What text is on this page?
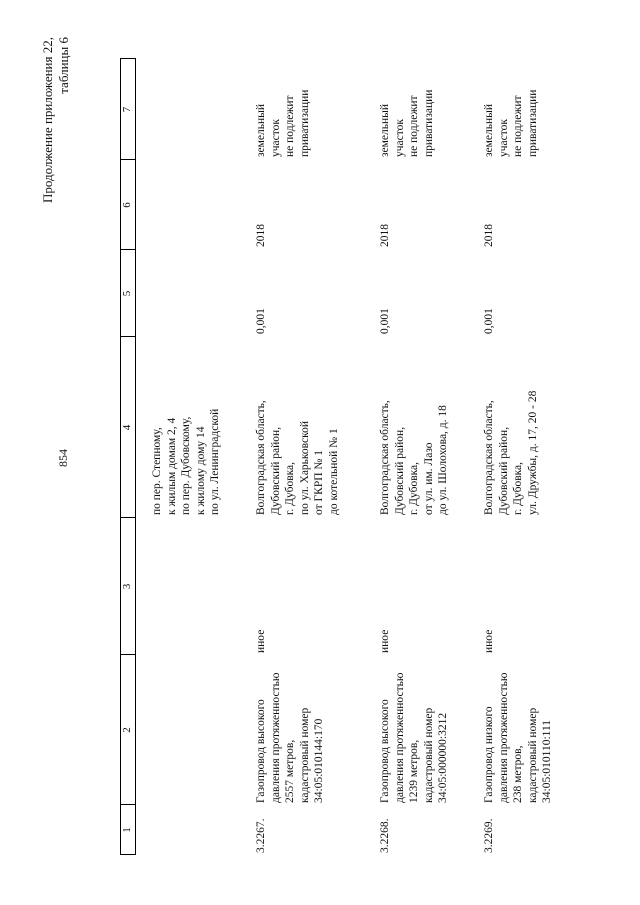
854
Продолжение приложения 22, таблицы 6
1
2
3
4
5
6
7
по пер. Степному, к жилым домам 2, 4 по пер. Дубовскому, к жилому дому 14 по ул. Ленинградской
3.2267.
Газопровод высокого давления протяженностью 2557 метров, кадастровый номер 34:05:010144:170
иное
Волгоградская область, Дубовский район, г. Дубовка, по ул. Харьковской от ГКРП № 1 до котельной № 1
0,001
2018
земельный участок не подлежит приватизации
3.2268.
Газопровод высокого давления протяженностью 1239 метров, кадастровый номер 34:05:000000:3212
иное
Волгоградская область, Дубовский район, г. Дубовка, от ул. им. Лазо до ул. Шолохова, д. 18
0,001
2018
земельный участок не подлежит приватизации
3.2269.
Газопровод низкого давления протяженностью 238 метров, кадастровый номер 34:05:010110:111
иное
Волгоградская область, Дубовский район, г. Дубовка, ул. Дружбы, д. 17, 20 - 28
0,001
2018
земельный участок не подлежит приватизации
